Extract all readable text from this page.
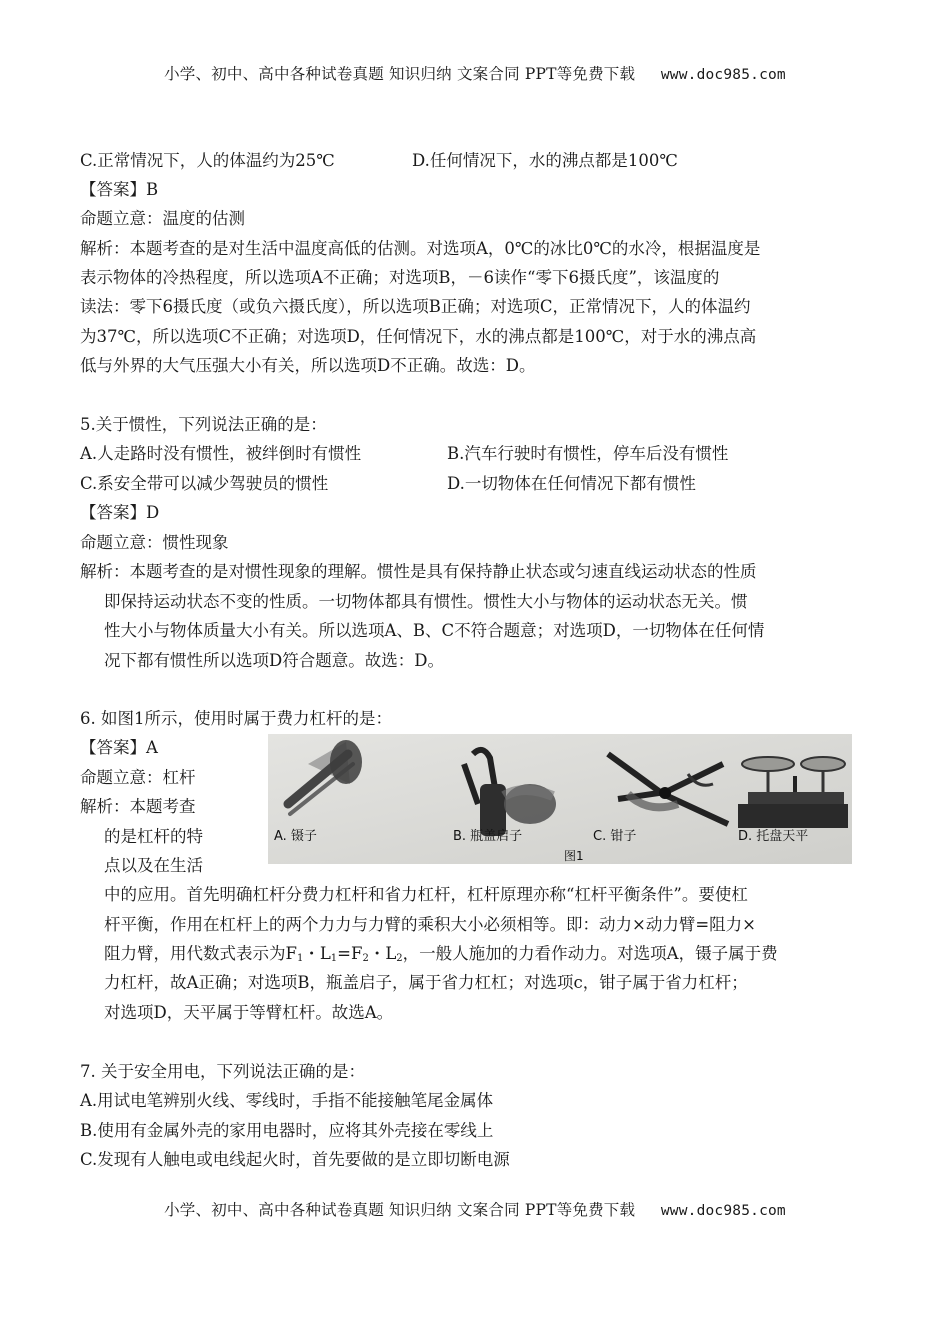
小学、初中、高中各种试卷真题 知识归纳 文案合同 PPT等免费下载 www.doc985.com
C.正常情况下，人的体温约为25℃	D.任何情况下，水的沸点都是100℃
【答案】B
命题立意：温度的估测
解析：本题考查的是对生活中温度高低的估测。对选项A，0℃的冰比0℃的水冷，根据温度是
表示物体的冷热程度，所以选项A不正确；对选项B，－6读作“零下6摄氏度”，该温度的
读法：零下6摄氏度（或负六摄氏度），所以选项B正确；对选项C，正常情况下，人的体温约
为37℃，所以选项C不正确；对选项D，任何情况下，水的沸点都是100℃，对于水的沸点高
低与外界的大气压强大小有关，所以选项D不正确。故选：D。
5.关于惯性，下列说法正确的是：
A.人走路时没有惯性，被绊倒时有惯性	B.汽车行驶时有惯性，停车后没有惯性
C.系安全带可以减少驾驶员的惯性	D.一切物体在任何情况下都有惯性
【答案】D
命题立意：惯性现象
解析：本题考查的是对惯性现象的理解。惯性是具有保持静止状态或匀速直线运动状态的性质
即保持运动状态不变的性质。一切物体都具有惯性。惯性大小与物体的运动状态无关。惯
性大小与物体质量大小有关。所以选项A、B、C不符合题意；对选项D，一切物体在任何情
况下都有惯性所以选项D符合题意。故选：D。
6. 如图1所示，使用时属于费力杠杆的是：
【答案】A
命题立意：杠杆
解析：本题考查
的是杠杆的特
点以及在生活
A. 镊子	B. 瓶盖启子	C. 钳子	D. 托盘天平
图1
中的应用。首先明确杠杆分费力杠杆和省力杠杆，杠杆原理亦称“杠杆平衡条件”。要使杠
杆平衡，作用在杠杆上的两个力力与力臂的乘积大小必须相等。即：动力×动力臂=阻力×
阻力臂，用代数式表示为$F_1$・$L_1=F_2$・$L_2$，一般人施加的力看作动力。对选项A，镊子属于费
力杠杆，故A正确；对选项B，瓶盖启子，属于省力杠杠；对选项c，钳子属于省力杠杆；
对选项D，天平属于等臂杠杆。故选A。
7. 关于安全用电，下列说法正确的是：
A.用试电笔辨别火线、零线时，手指不能接触笔尾金属体
B.使用有金属外壳的家用电器时，应将其外壳接在零线上
C.发现有人触电或电线起火时，首先要做的是立即切断电源
小学、初中、高中各种试卷真题 知识归纳 文案合同 PPT等免费下载 www.doc985.com
